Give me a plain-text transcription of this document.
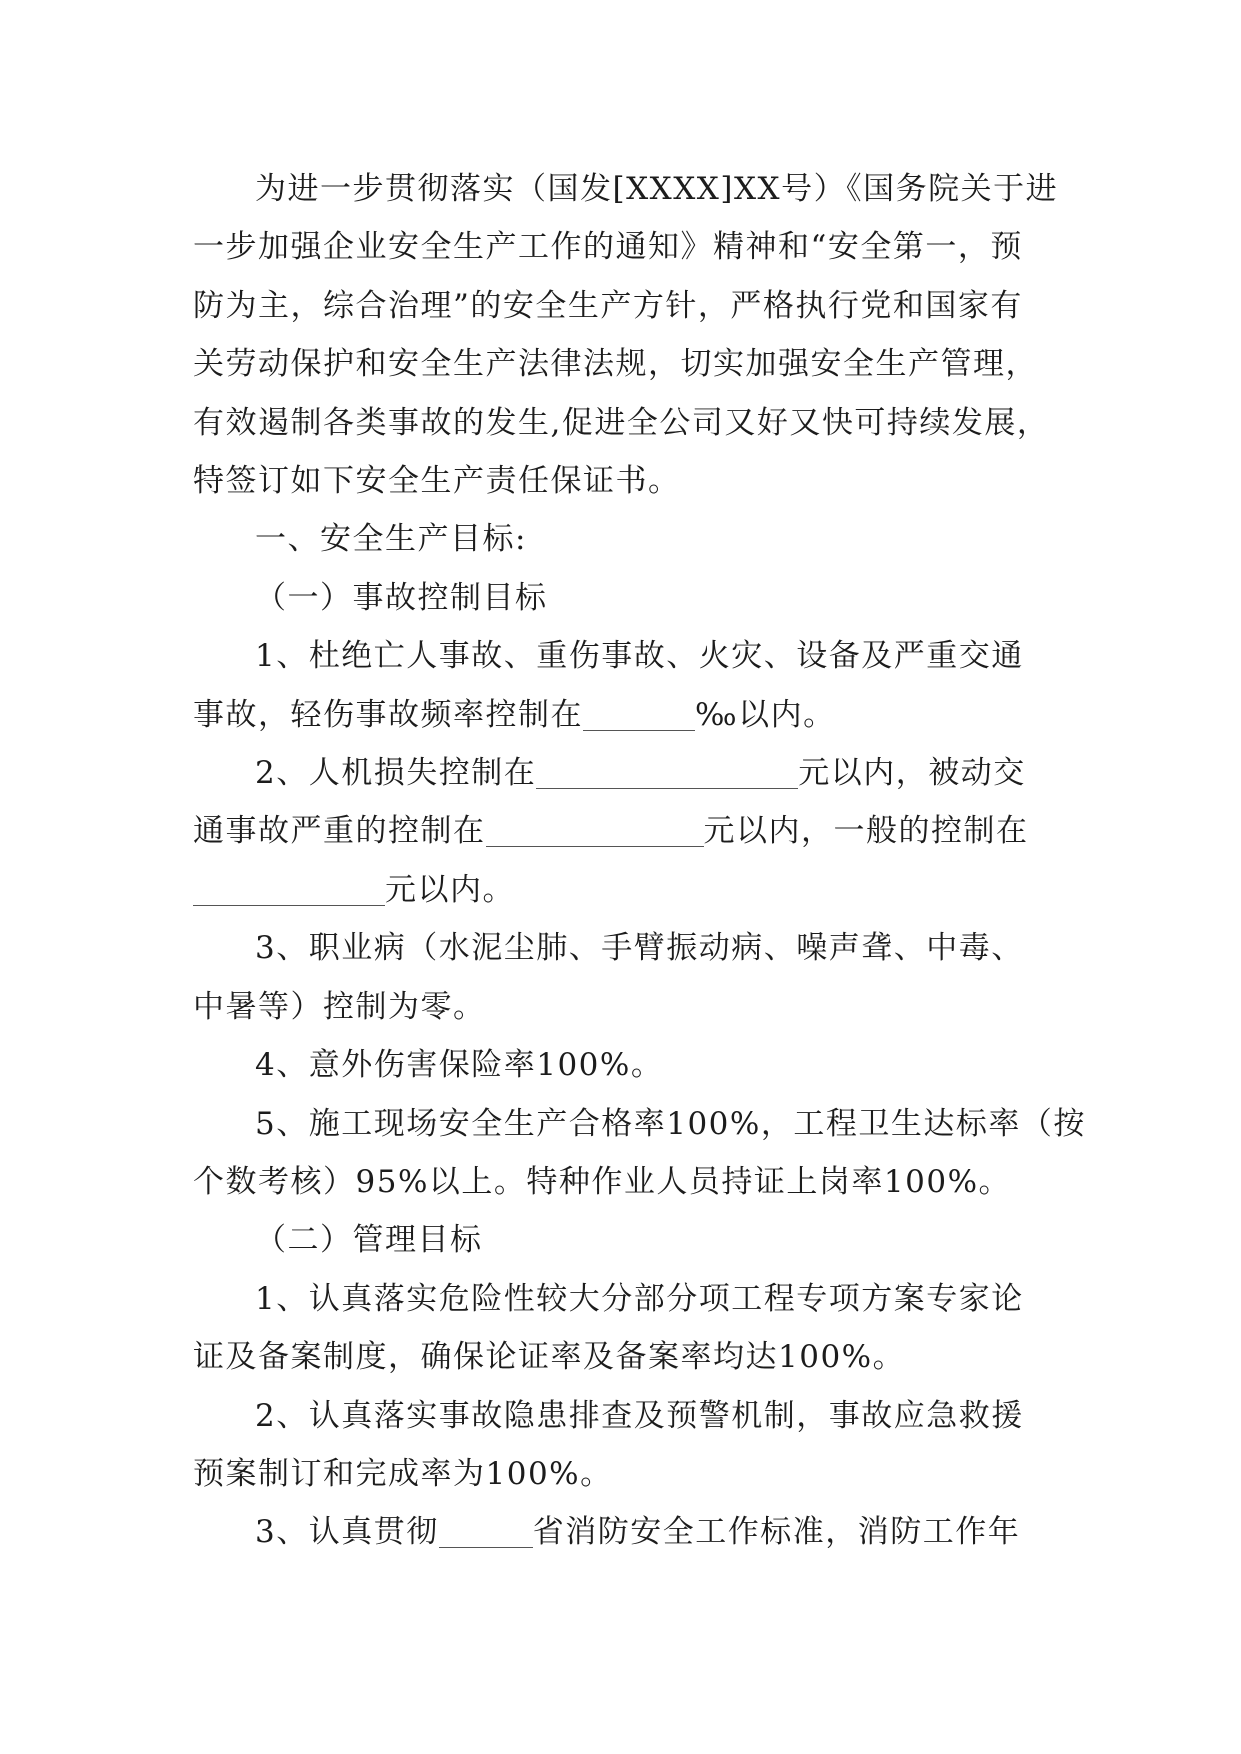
为进一步贯彻落实（国发[XXXX]XX号）《国务院关于进

一步加强企业安全生产工作的通知》精神和“安全第一，预
防为主，综合治理”的安全生产方针，严格执行党和国家有
关劳动保护和安全生产法律法规，切实加强安全生产管理，
有效遏制各类事故的发生,促进全公司又好又快可持续发展，
特签订如下安全生产责任保证书。

一、安全生产目标:

（一）事故控制目标

1、杜绝亡人事故、重伤事故、火灾、设备及严重交通

事故，轻伤事故频率控制在	‰以内。

2、人机损失控制在	元以内，被动交

通事故严重的控制在	元以内，一般的控制在
元以内。

3、职业病（水泥尘肺、手臂振动病、噪声聋、中毒、

中暑等）控制为零。

4、意外伤害保险率100%。

5、施工现场安全生产合格率100%，工程卫生达标率（按

个数考核）95%以上。特种作业人员持证上岗率100%。

（二）管理目标

1、认真落实危险性较大分部分项工程专项方案专家论

证及备案制度，确保论证率及备案率均达100%。

2、认真落实事故隐患排查及预警机制，事故应急救援

预案制订和完成率为100%。

3、认真贯彻	省消防安全工作标准，消防工作年
